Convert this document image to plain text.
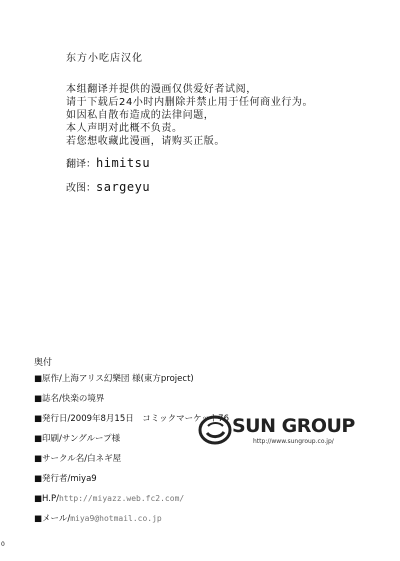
东方小吃店汉化
本组翻译并提供的漫画仅供爱好者试阅，
请于下载后24小时内删除并禁止用于任何商业行为。
如因私自散布造成的法律问题，
本人声明对此概不负责。
若您想收藏此漫画，请购买正版。
翻译：himitsu
改图：sargeyu
奥付
■原作/上海アリス幻樂団 様(東方project)
■誌名/快楽の境界
■発行日/2009年8月15日　コミックマーケット76
■印刷/サングループ様
■サークル名/白ネギ屋
■発行者/miya9
■H.P/http://miyazz.web.fc2.com/
■メール/miya9@hotmail.co.jp
SUN GROUP
http://www.sungroup.co.jp/
0
